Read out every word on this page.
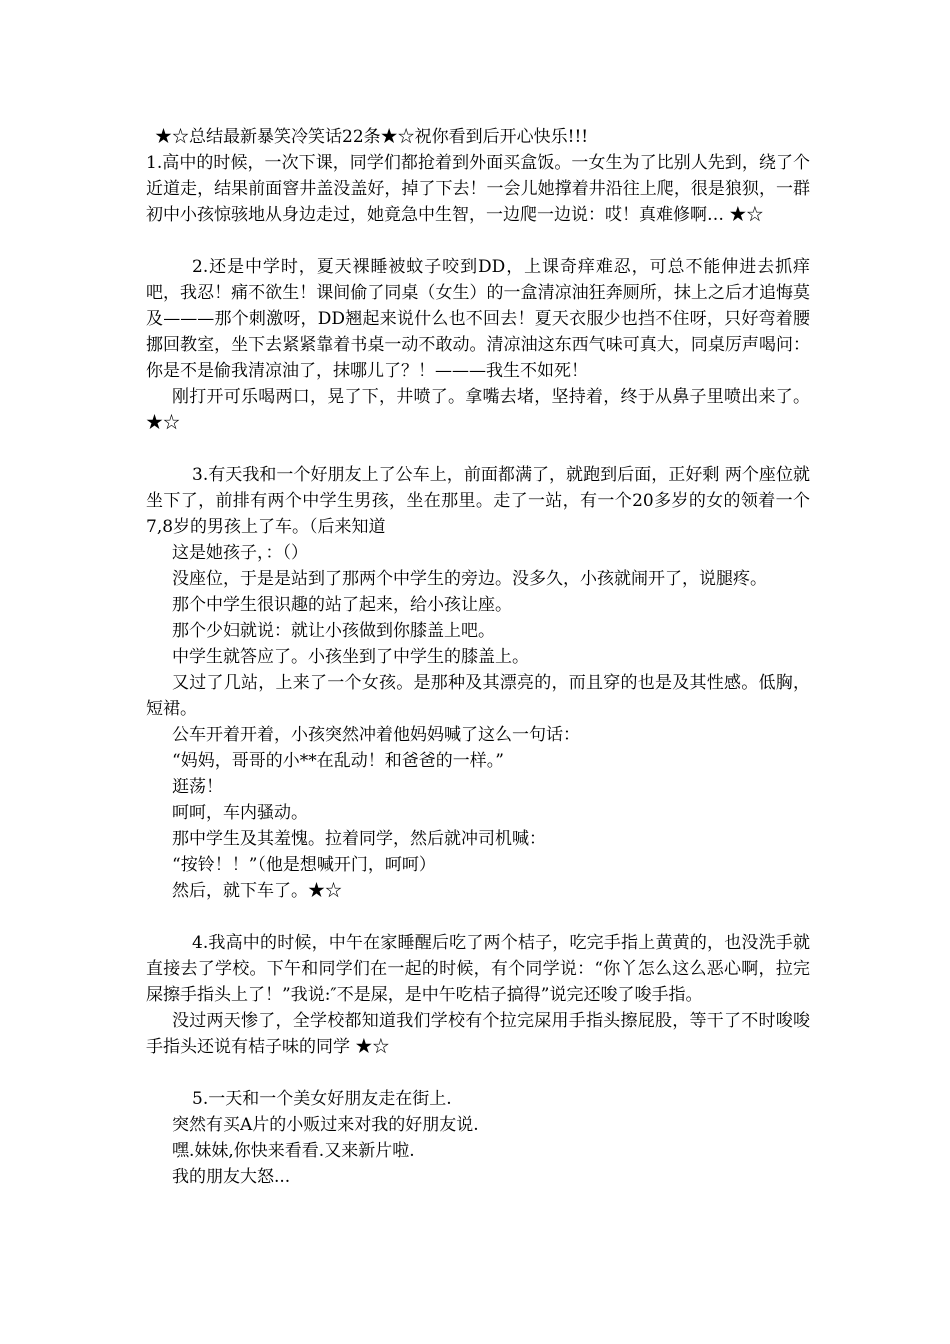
★☆总结最新暴笑冷笑话22条★☆祝你看到后开心快乐!!!

1.高中的时候，一次下课，同学们都抢着到外面买盒饭。一女生为了比别人先到，绕了个近道走，结果前面窨井盖没盖好，掉了下去！一会儿她撑着井沿往上爬，很是狼狈，一群初中小孩惊骇地从身边走过，她竟急中生智，一边爬一边说：哎！真难修啊… ★☆

2.还是中学时，夏天裸睡被蚊子咬到DD，上课奇痒难忍，可总不能伸进去抓痒吧，我忍！痛不欲生！课间偷了同桌（女生）的一盒清凉油狂奔厕所，抹上之后才追悔莫及———那个刺激呀，DD翘起来说什么也不回去！夏天衣服少也挡不住呀，只好弯着腰挪回教室，坐下去紧紧靠着书桌一动不敢动。清凉油这东西气味可真大，同桌厉声喝问：你是不是偷我清凉油了，抹哪儿了？！———我生不如死！

刚打开可乐喝两口，晃了下，井喷了。拿嘴去堵，坚持着，终于从鼻子里喷出来了。★☆

3.有天我和一个好朋友上了公车上，前面都满了，就跑到后面，正好剩 两个座位就坐下了，前排有两个中学生男孩，坐在那里。走了一站，有一个20多岁的女的领着一个7,8岁的男孩上了车。（后来知道

这是她孩子，：（）

没座位，于是是站到了那两个中学生的旁边。没多久，小孩就闹开了，说腿疼。

那个中学生很识趣的站了起来，给小孩让座。

那个少妇就说：就让小孩做到你膝盖上吧。

中学生就答应了。小孩坐到了中学生的膝盖上。

又过了几站，上来了一个女孩。是那种及其漂亮的，而且穿的也是及其性感。低胸，短裙。

公车开着开着，小孩突然冲着他妈妈喊了这么一句话：

“妈妈，哥哥的小**在乱动！和爸爸的一样。”

逛荡！

呵呵，车内骚动。

那中学生及其羞愧。拉着同学，然后就冲司机喊：

“按铃！！”（他是想喊开门，呵呵）

然后，就下车了。★☆

4.我高中的时候，中午在家睡醒后吃了两个桔子，吃完手指上黄黄的，也没洗手就直接去了学校。下午和同学们在一起的时候，有个同学说：“你丫怎么这么恶心啊，拉完屎擦手指头上了！”我说:″不是屎，是中午吃桔子搞得”说完还唆了唆手指。

没过两天惨了，全学校都知道我们学校有个拉完屎用手指头擦屁股，等干了不时唆唆手指头还说有桔子味的同学 ★☆

5.一天和一个美女好朋友走在街上.

突然有买A片的小贩过来对我的好朋友说.

嘿.妹妹,你快来看看.又来新片啦.

我的朋友大怒...
